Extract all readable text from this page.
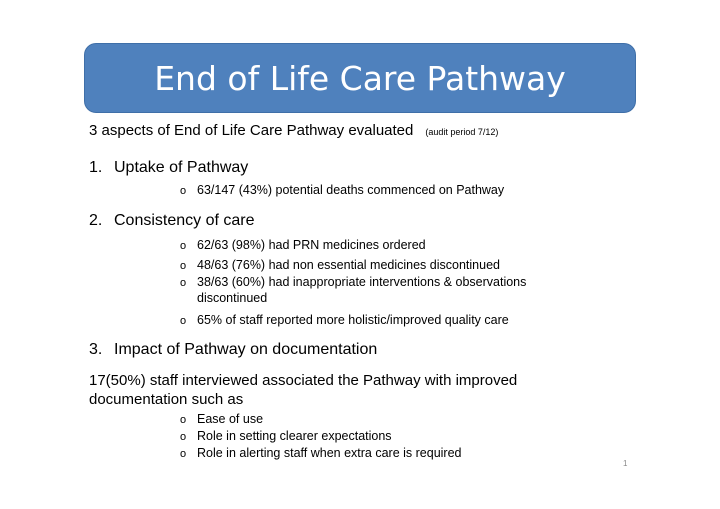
End of Life Care Pathway
3 aspects of End of Life Care Pathway evaluated (audit period 7/12)
1. Uptake of Pathway
o 63/147 (43%) potential deaths commenced on Pathway
2. Consistency of care
o 62/63 (98%) had PRN medicines ordered
o 48/63 (76%) had non essential medicines discontinued
o 38/63 (60%) had inappropriate interventions & observations
discontinued
o 65% of staff reported more holistic/improved quality care
3. Impact of Pathway on documentation
17(50%) staff interviewed associated the Pathway with improved
documentation such as
o Ease of use
o Role in setting clearer expectations
o Role in alerting staff when extra care is required
1
